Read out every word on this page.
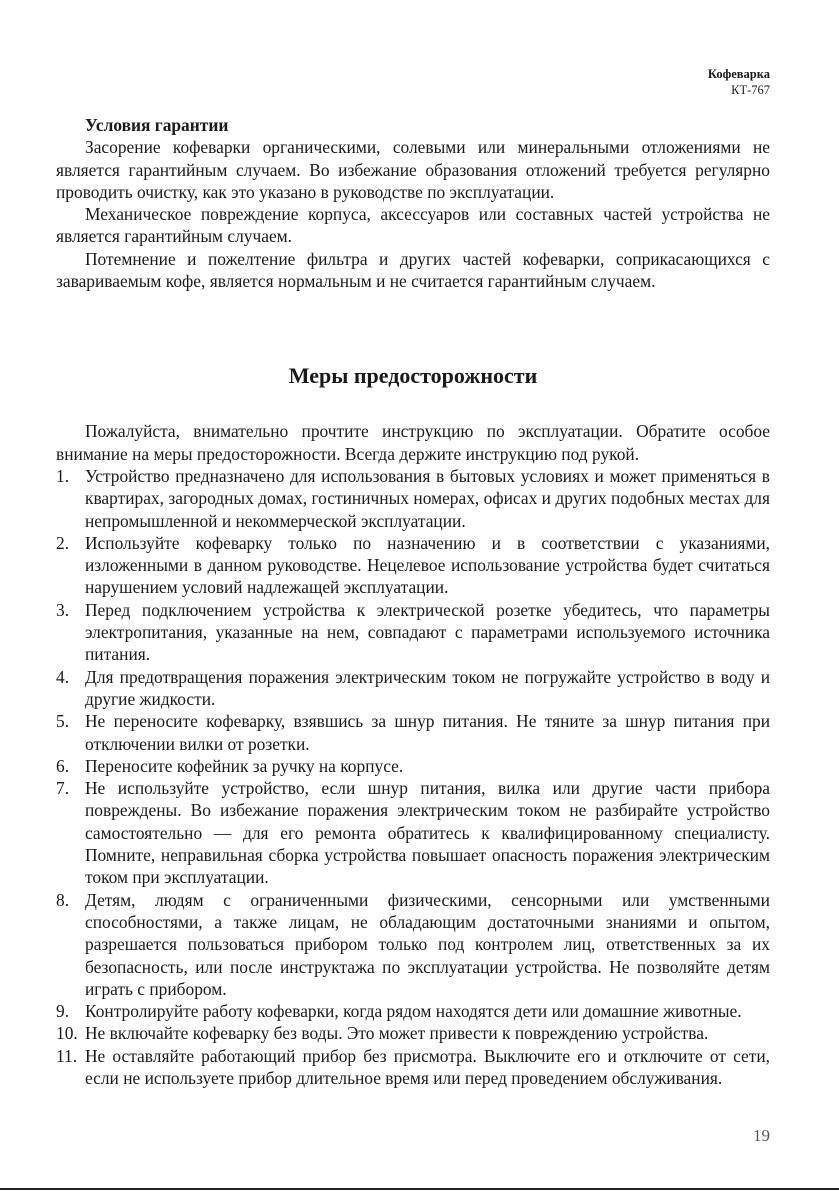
Кофеварка
КТ-767

Условия гарантии

Засорение кофеварки органическими, солевыми или минеральными отложениями не является гарантийным случаем. Во избежание образования отложений требуется регулярно проводить очистку, как это указано в руководстве по эксплуатации.

Механическое повреждение корпуса, аксессуаров или составных частей устройства не является гарантийным случаем.

Потемнение и пожелтение фильтра и других частей кофеварки, соприкасающихся с завариваемым кофе, является нормальным и не считается гарантийным случаем.

Меры предосторожности

Пожалуйста, внимательно прочтите инструкцию по эксплуатации. Обратите особое внимание на меры предосторожности. Всегда держите инструкцию под рукой.

1. Устройство предназначено для использования в бытовых условиях и может применяться в квартирах, загородных домах, гостиничных номерах, офисах и других подобных местах для непромышленной и некоммерческой эксплуатации.
2. Используйте кофеварку только по назначению и в соответствии с указаниями, изложенными в данном руководстве. Нецелевое использование устройства будет считаться нарушением условий надлежащей эксплуатации.
3. Перед подключением устройства к электрической розетке убедитесь, что параметры электропитания, указанные на нем, совпадают с параметрами используемого источника питания.
4. Для предотвращения поражения электрическим током не погружайте устройство в воду и другие жидкости.
5. Не переносите кофеварку, взявшись за шнур питания. Не тяните за шнур питания при отключении вилки от розетки.
6. Переносите кофейник за ручку на корпусе.
7. Не используйте устройство, если шнур питания, вилка или другие части прибора повреждены. Во избежание поражения электрическим током не разбирайте устройство самостоятельно — для его ремонта обратитесь к квалифицированному специалисту. Помните, неправильная сборка устройства повышает опасность поражения электрическим током при эксплуатации.
8. Детям, людям с ограниченными физическими, сенсорными или умственными способностями, а также лицам, не обладающим достаточными знаниями и опытом, разрешается пользоваться прибором только под контролем лиц, ответственных за их безопасность, или после инструктажа по эксплуатации устройства. Не позволяйте детям играть с прибором.
9. Контролируйте работу кофеварки, когда рядом находятся дети или домашние животные.
10. Не включайте кофеварку без воды. Это может привести к повреждению устройства.
11. Не оставляйте работающий прибор без присмотра. Выключите его и отключите от сети, если не используете прибор длительное время или перед проведением обслуживания.
19
